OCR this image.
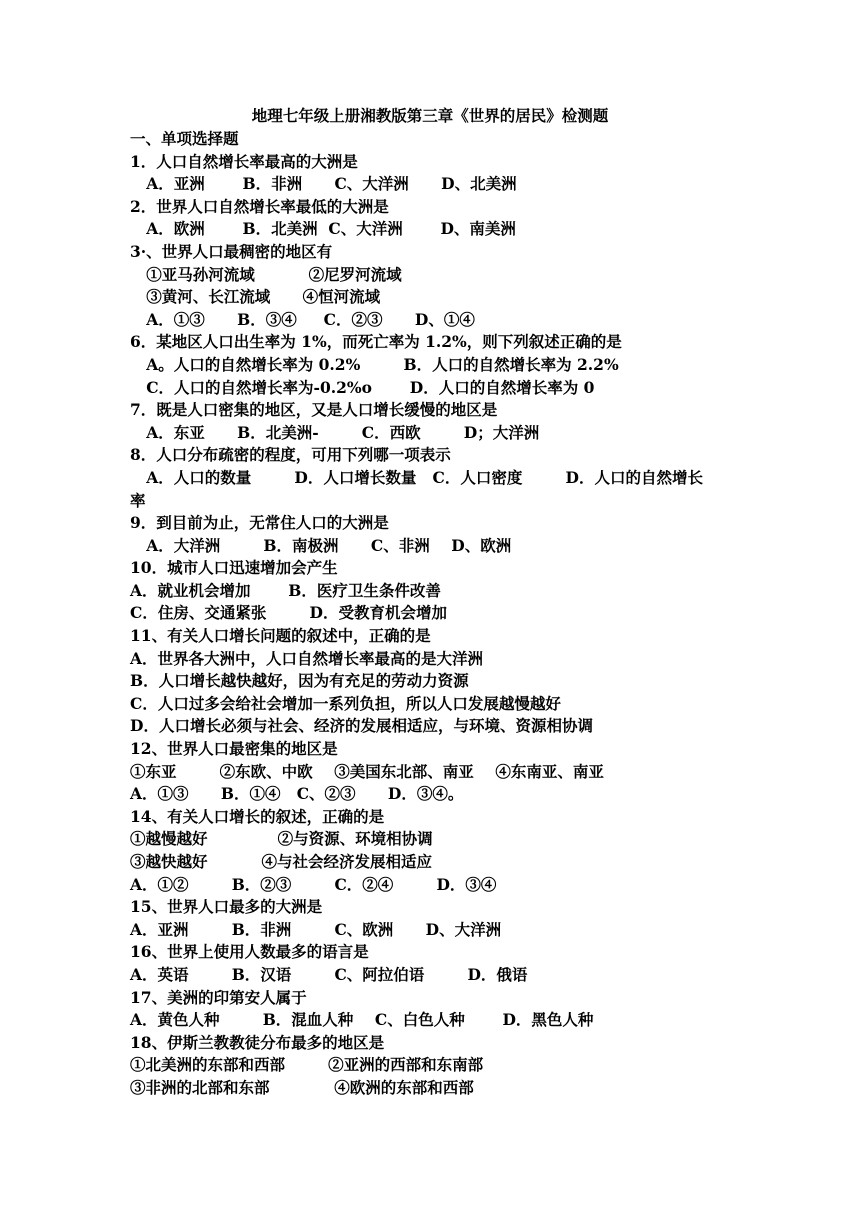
地理七年级上册湘教版第三章《世界的居民》检测题
一、单项选择题
1．人口自然增长率最高的大洲是
A．亚洲       B．非洲      C、大洋洲      D、北美洲
2．世界人口自然增长率最低的大洲是
A．欧洲       B．北美洲  C、大洋洲       D、南美洲
3·、世界人口最稠密的地区有
①亚马孙河流域          ②尼罗河流域
③黄河、长江流域      ④恒河流域
A．①③      B．③④     C．②③      D、①④
6．某地区人口出生率为 1%，而死亡率为 1.2%，则下列叙述正确的是
A。人口的自然增长率为 0.2%        B．人口的自然增长率为 2.2%
C．人口的自然增长率为-0.2%o       D．人口的自然增长率为 0
7．既是人口密集的地区，又是人口增长缓慢的地区是
A．东亚      B．北美洲-        C．西欧        D；大洋洲
8．人口分布疏密的程度，可用下列哪一项表示
A．人口的数量        D．人口增长数量   C．人口密度        D．人口的自然增长
率
9．到目前为止，无常住人口的大洲是
A．大洋洲        B．南极洲      C、非洲    D、欧洲
10．城市人口迅速增加会产生
A．就业机会增加       B．医疗卫生条件改善
C．住房、交通紧张        D．受教育机会增加
11、有关人口增长问题的叙述中，正确的是
A．世界各大洲中，人口自然增长率最高的是大洋洲
B．人口增长越快越好，因为有充足的劳动力资源
C．人口过多会给社会增加一系列负担，所以人口发展越慢越好
D．人口增长必须与社会、经济的发展相适应，与环境、资源相协调
12、世界人口最密集的地区是
①东亚        ②东欧、中欧    ③美国东北部、南亚    ④东南亚、南亚
A．①③      B．①④   C、②③      D．③④。
14、有关人口增长的叙述，正确的是
①越慢越好             ②与资源、环境相协调
③越快越好          ④与社会经济发展相适应
A．①②        B．②③        C．②④        D．③④
15、世界人口最多的大洲是
A．亚洲        B．非洲        C、欧洲      D、大洋洲
16、世界上使用人数最多的语言是
A．英语        B．汉语        C、阿拉伯语        D．俄语
17、美洲的印第安人属于
A．黄色人种        B．混血人种    C、白色人种       D．黑色人种
18、伊斯兰教教徒分布最多的地区是
①北美洲的东部和西部        ②亚洲的西部和东南部
③非洲的北部和东部            ④欧洲的东部和西部
